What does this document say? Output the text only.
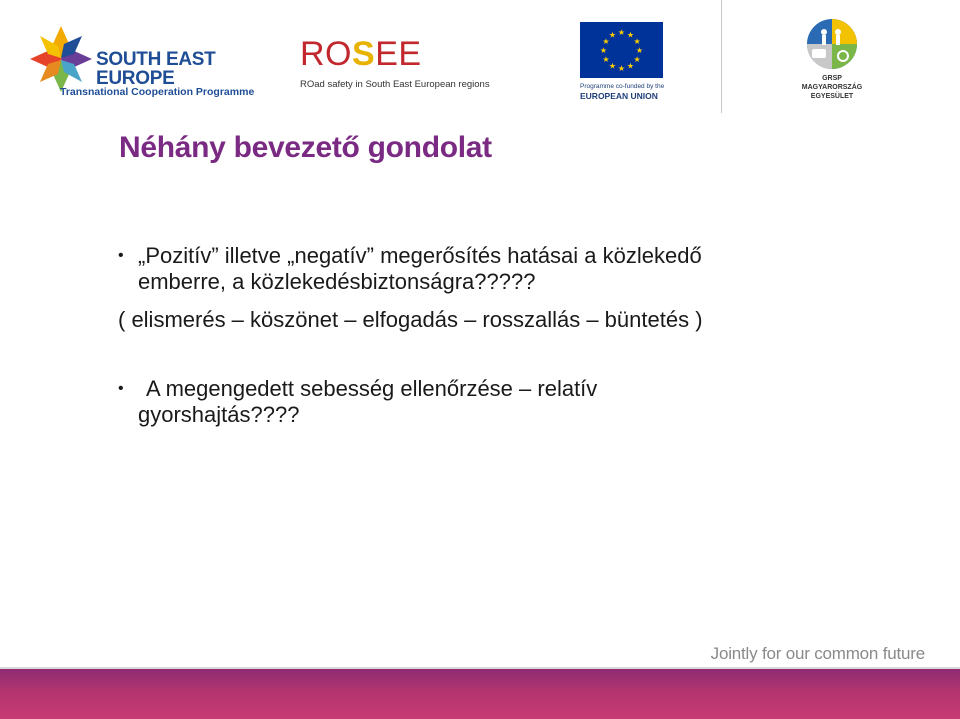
SOUTH EAST
EUROPE
Transnational Cooperation Programme
ROSEE
ROad safety in South East European regions
★ ★
★
★
★
★
★
★
★
★
★
★
Programme co-funded by the
EUROPEAN UNION
GRSP
MAGYARORSZÁG
EGYESÜLET
Néhány bevezető gondolat
• „Pozitív” illetve „negatív” megerősítés hatásai a közlekedő
emberre, a közlekedésbiztonságra?????
( elismerés – köszönet – elfogadás – rosszallás – büntetés )
•	A megengedett sebesség ellenőrzése – relatív
gyorshajtás????
Jointly for our common future
